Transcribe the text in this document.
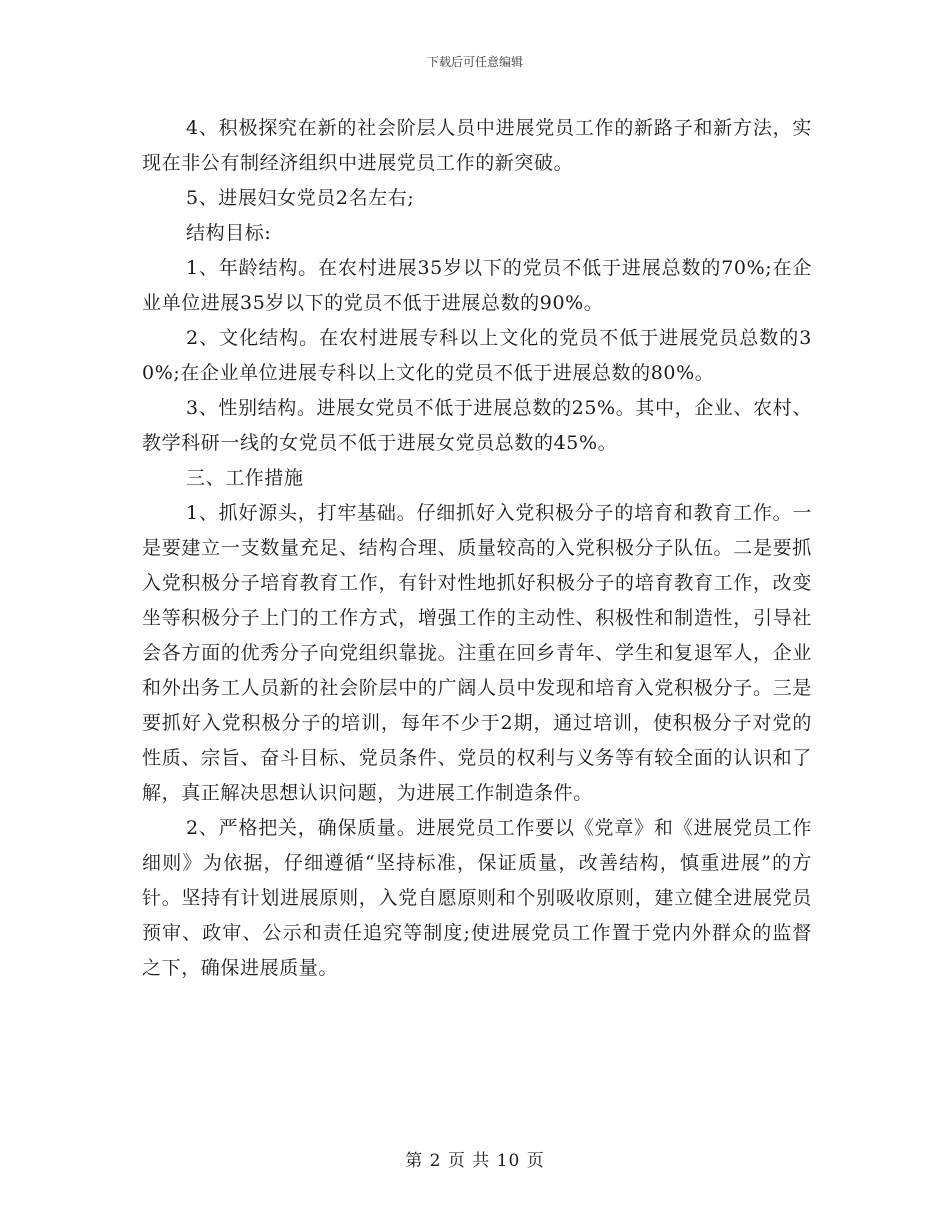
下载后可任意编辑

4、积极探究在新的社会阶层人员中进展党员工作的新路子和新方法，实现在非公有制经济组织中进展党员工作的新突破。

5、进展妇女党员2名左右;

结构目标:

1、年龄结构。在农村进展35岁以下的党员不低于进展总数的70%;在企业单位进展35岁以下的党员不低于进展总数的90%。

2、文化结构。在农村进展专科以上文化的党员不低于进展党员总数的30%;在企业单位进展专科以上文化的党员不低于进展总数的80%。

3、性别结构。进展女党员不低于进展总数的25%。其中，企业、农村、教学科研一线的女党员不低于进展女党员总数的45%。

三、工作措施

1、抓好源头，打牢基础。仔细抓好入党积极分子的培育和教育工作。一是要建立一支数量充足、结构合理、质量较高的入党积极分子队伍。二是要抓入党积极分子培育教育工作，有针对性地抓好积极分子的培育教育工作，改变坐等积极分子上门的工作方式，增强工作的主动性、积极性和制造性，引导社会各方面的优秀分子向党组织靠拢。注重在回乡青年、学生和复退军人，企业和外出务工人员新的社会阶层中的广阔人员中发现和培育入党积极分子。三是要抓好入党积极分子的培训，每年不少于2期，通过培训，使积极分子对党的性质、宗旨、奋斗目标、党员条件、党员的权利与义务等有较全面的认识和了解，真正解决思想认识问题，为进展工作制造条件。

2、严格把关，确保质量。进展党员工作要以《党章》和《进展党员工作细则》为依据，仔细遵循“坚持标准，保证质量，改善结构，慎重进展”的方针。坚持有计划进展原则，入党自愿原则和个别吸收原则，建立健全进展党员预审、政审、公示和责任追究等制度;使进展党员工作置于党内外群众的监督之下，确保进展质量。

第 2 页 共 10 页
